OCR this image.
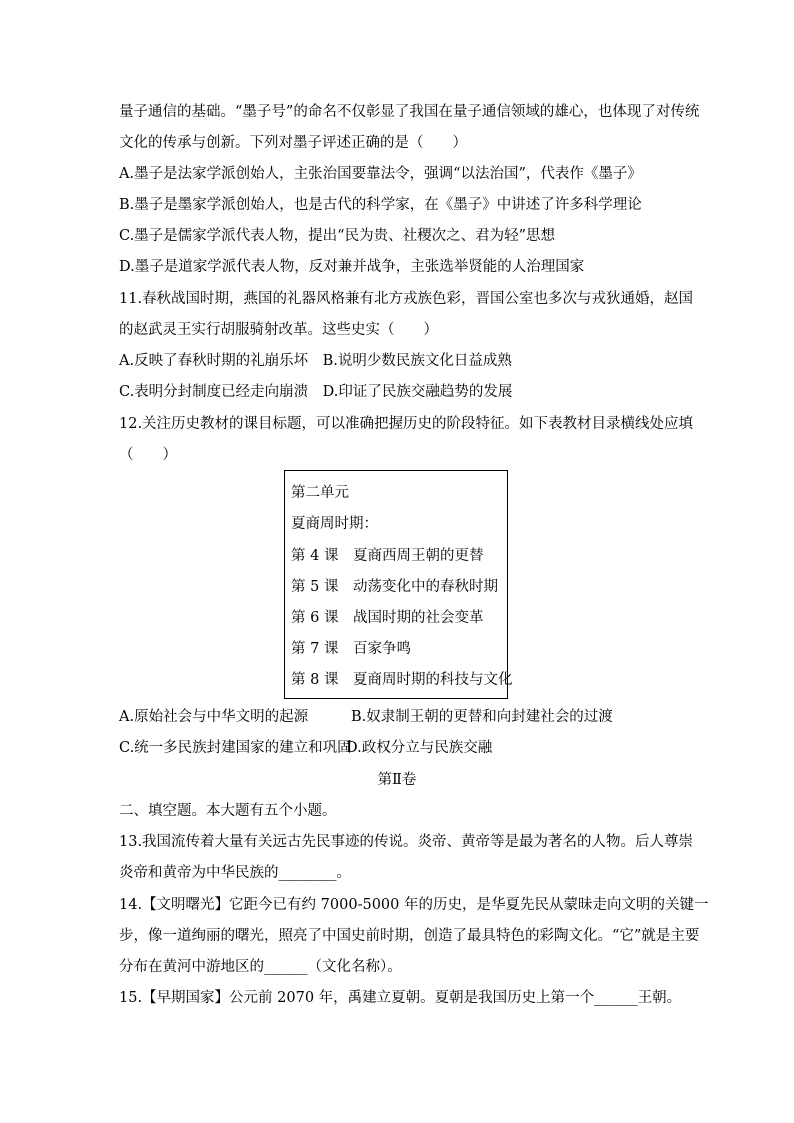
量子通信的基础。“墨子号”的命名不仅彰显了我国在量子通信领域的雄心，也体现了对传统
文化的传承与创新。下列对墨子评述正确的是（　　）
A.墨子是法家学派创始人，主张治国要靠法令，强调“以法治国”，代表作《墨子》
B.墨子是墨家学派创始人，也是古代的科学家，在《墨子》中讲述了许多科学理论
C.墨子是儒家学派代表人物，提出“民为贵、社稷次之、君为轻”思想
D.墨子是道家学派代表人物，反对兼并战争，主张选举贤能的人治理国家
11.春秋战国时期，燕国的礼器风格兼有北方戎族色彩，晋国公室也多次与戎狄通婚，赵国
的赵武灵王实行胡服骑射改革。这些史实（　　）
A.反映了春秋时期的礼崩乐坏　B.说明少数民族文化日益成熟
C.表明分封制度已经走向崩溃　D.印证了民族交融趋势的发展
12.关注历史教材的课目标题，可以准确把握历史的阶段特征。如下表教材目录横线处应填
（　　）
第二单元
夏商周时期：
第 4 课　夏商西周王朝的更替
第 5 课　动荡变化中的春秋时期
第 6 课　战国时期的社会变革
第 7 课　百家争鸣
第 8 课　夏商周时期的科技与文化
A.原始社会与中华文明的起源	B.奴隶制王朝的更替和向封建社会的过渡
C.统一多民族封建国家的建立和巩固
D.政权分立与民族交融
第Ⅱ卷
二、填空题。本大题有五个小题。
13.我国流传着大量有关远古先民事迹的传说。炎帝、黄帝等是最为著名的人物。后人尊崇
炎帝和黄帝为中华民族的________。
14.【文明曙光】它距今已有约 7000-5000 年的历史，是华夏先民从蒙昧走向文明的关键一
步，像一道绚丽的曙光，照亮了中国史前时期，创造了最具特色的彩陶文化。“它”就是主要
分布在黄河中游地区的______（文化名称）。
15.【早期国家】公元前 2070 年，禹建立夏朝。夏朝是我国历史上第一个______王朝。
